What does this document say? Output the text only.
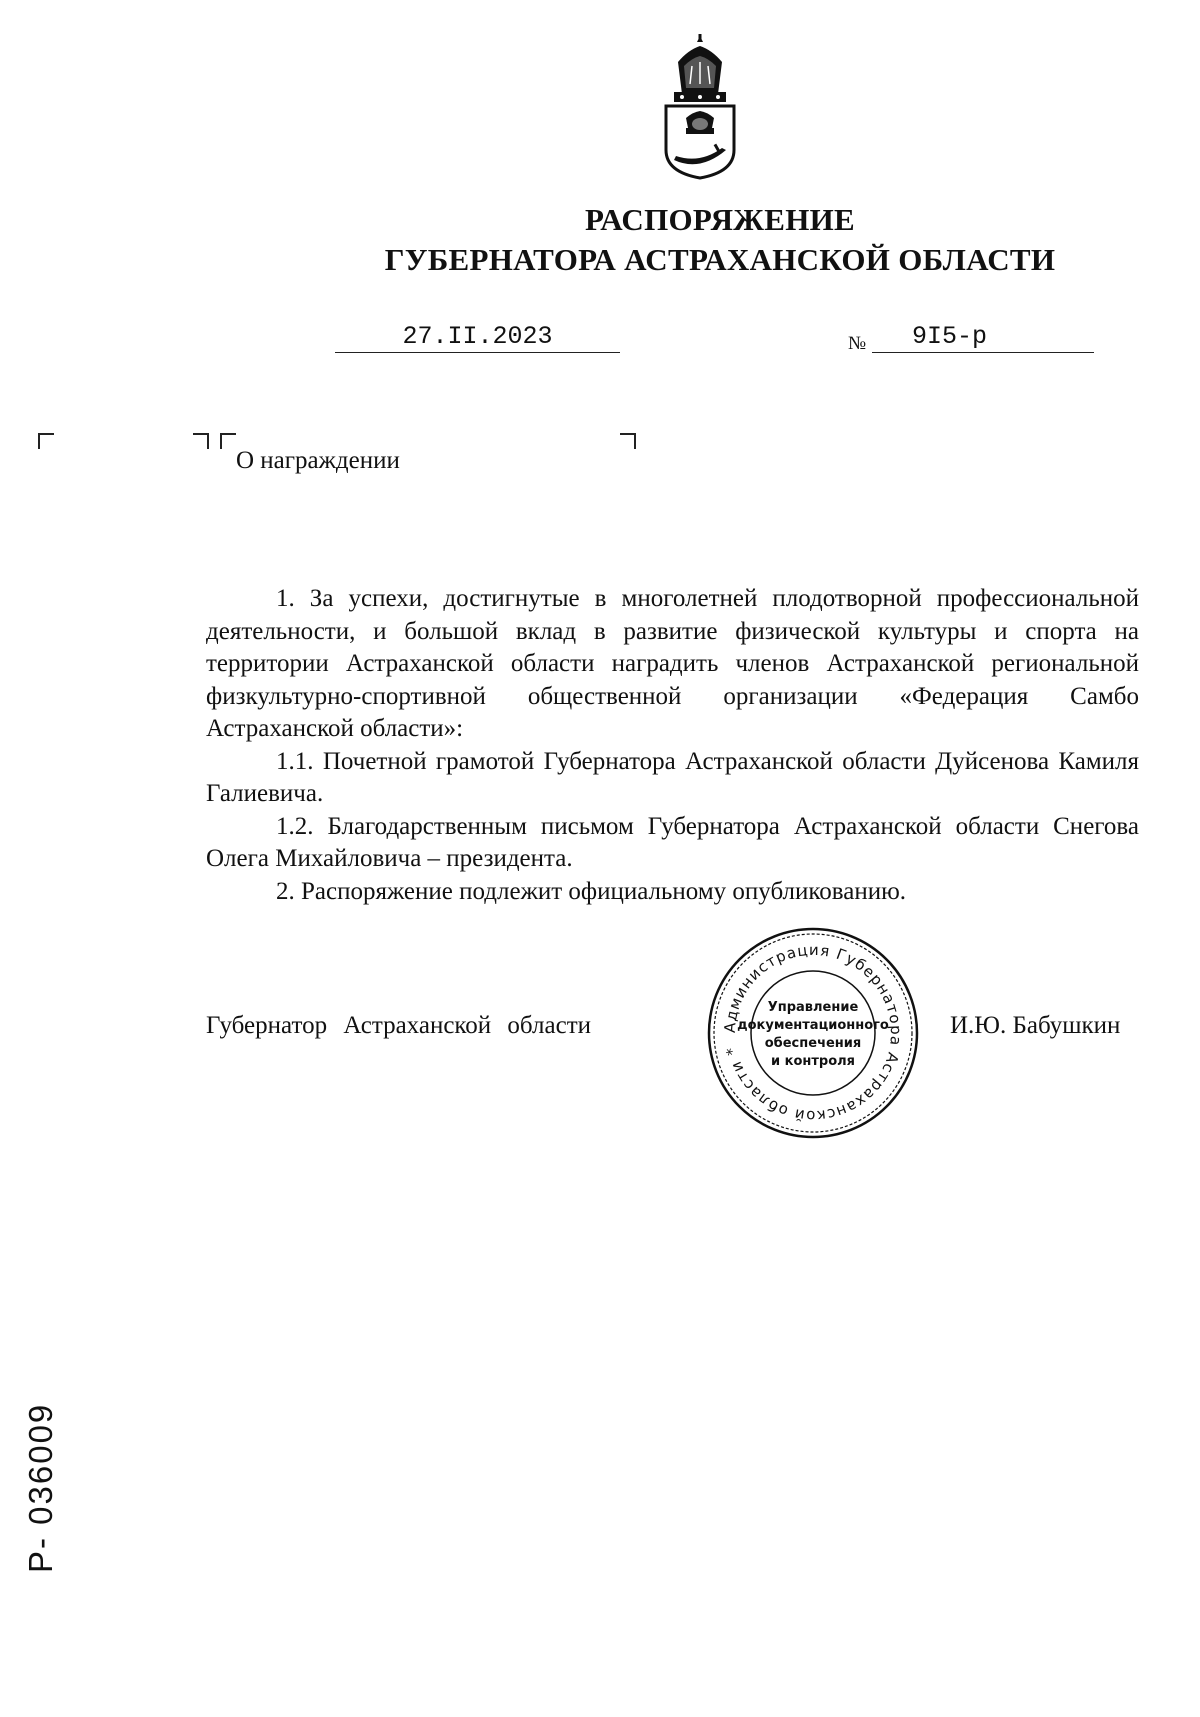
РАСПОРЯЖЕНИЕ
ГУБЕРНАТОРА АСТРАХАНСКОЙ ОБЛАСТИ
27.II.2023	№	9I5-р
О награждении

1. За успехи, достигнутые в многолетней плодотворной профессиональной деятельности, и большой вклад в развитие физической культуры и спорта на территории Астраханской области наградить членов Астраханской региональной физкультурно-спортивной общественной организации «Федерация Самбо Астраханской области»:

1.1. Почетной грамотой Губернатора Астраханской области Дуйсенова Камиля Галиевича.

1.2. Благодарственным письмом Губернатора Астраханской области Снегова Олега Михайловича – президента.

2. Распоряжение подлежит официальному опубликованию.

Губернатор Астраханской области	И.Ю. Бабушкин
Администрация Губернатора Астраханской области *
Управление
документационного
обеспечения
и контроля
Р- 036009
